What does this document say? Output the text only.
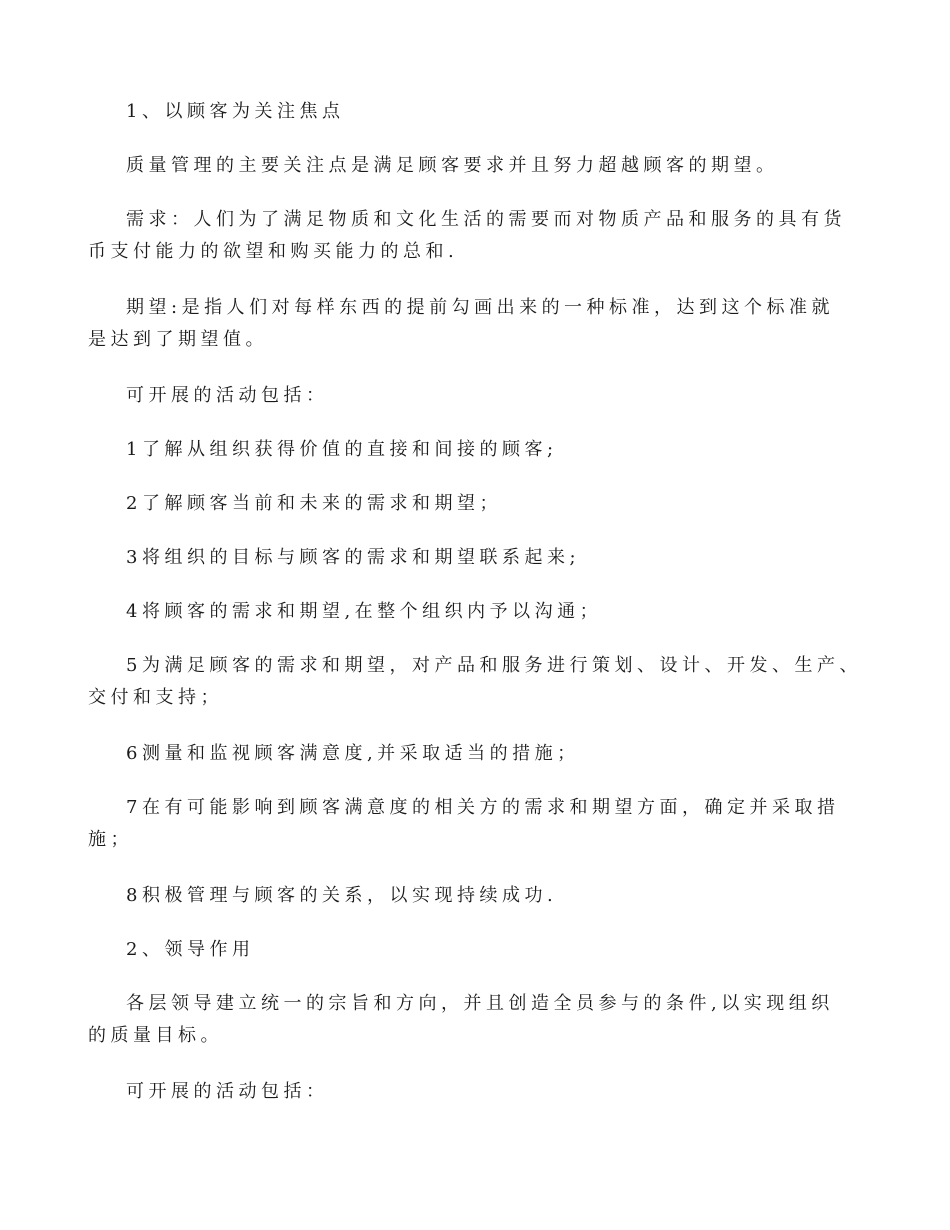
1、以顾客为关注焦点
质量管理的主要关注点是满足顾客要求并且努力超越顾客的期望。
需求：人们为了满足物质和文化生活的需要而对物质产品和服务的具有货
币支付能力的欲望和购买能力的总和.
期望:是指人们对每样东西的提前勾画出来的一种标准，达到这个标准就
是达到了期望值。
可开展的活动包括：
1了解从组织获得价值的直接和间接的顾客;
2了解顾客当前和未来的需求和期望；
3将组织的目标与顾客的需求和期望联系起来;
4将顾客的需求和期望,在整个组织内予以沟通；
5为满足顾客的需求和期望，对产品和服务进行策划、设计、开发、生产、
交付和支持；
6测量和监视顾客满意度,并采取适当的措施；
7在有可能影响到顾客满意度的相关方的需求和期望方面，确定并采取措
施；
8积极管理与顾客的关系，以实现持续成功.
2、领导作用
各层领导建立统一的宗旨和方向，并且创造全员参与的条件,以实现组织
的质量目标。
可开展的活动包括：
